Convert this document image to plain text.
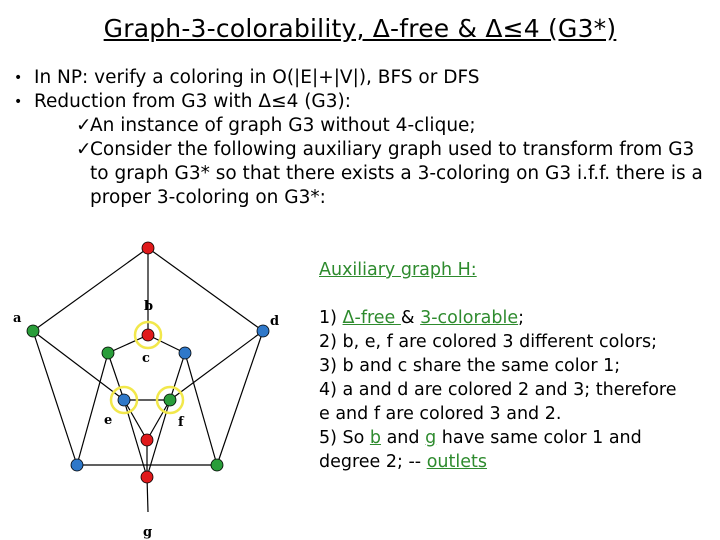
Graph-3-colorability, Δ-free & Δ≤4 (G3*)
• In NP: verify a coloring in O(|E|+|V|), BFS or DFS
• Reduction from G3 with Δ≤4 (G3):
✓
An instance of graph G3 without 4-clique;
✓
Consider the following auxiliary graph used to transform from G3 to graph G3* so that there exists a 3-coloring on G3 i.f.f. there is a proper 3-coloring on G3*:
a
b
c
d
e	f
g
Auxiliary graph H:
1) Δ-free & 3-colorable;
2) b, e, f are colored 3 different colors;
3) b and c share the same color 1;
4) a and d are colored 2 and 3; therefore
e and f are colored 3 and 2.
5) So b and g have same color 1 and
degree 2; -- outlets
